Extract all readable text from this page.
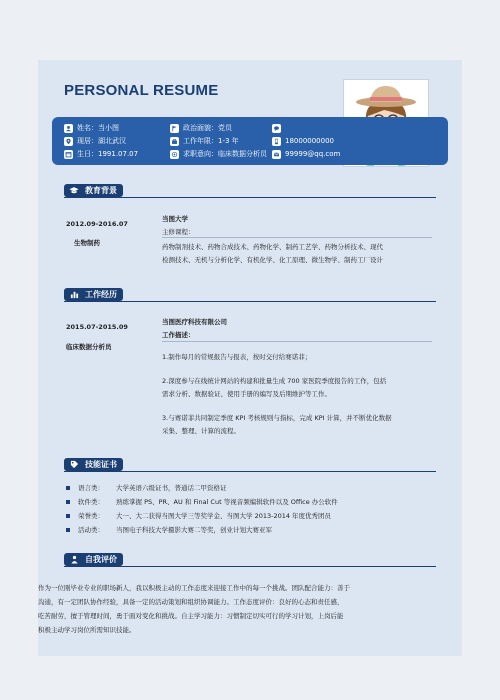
PERSONAL RESUME
姓名：当小图
现居：湖北武汉
生日：1991.07.07
政治面貌：党员
工作年限：1-3 年
求职意向：临床数据分析员
18000000000
99999@qq.com
教育背景
2012.09-2016.07
生物制药
当图大学
主修课程：
药物制剂技术、药物合成技术、药物化学、制药工艺学、药物分析技术、现代
检测技术、无机与分析化学、有机化学、化工原理、微生物学、制药工厂设计
工作经历
2015.07-2015.09
临床数据分析员
当图医疗科技有限公司
工作描述：
1.制作每月的常规报告与报表，按时交付给赛诺菲；
2.深度参与在线统计网站的构建和批量生成 700 家医院季度报告的工作，包括
需求分析、数据验证、使用手册的编写及后期维护等工作。
3.与赛诺菲共同制定季度 KPI 考核规则与指标，完成 KPI 计算，并不断优化数据
采集、整理、计算的流程。
技能证书
语言类： 大学英语六级证书，普通话二甲资格证
软件类： 熟练掌握 PS、PR、AU 和 Final Cut 等视音频编辑软件以及 Office 办公软件
荣誉类： 大一、大二获得当图大学三等奖学金、当图大学 2013-2014 年度优秀团员
活动类： 当图电子科技大学摄影大赛二等奖，创业计划大赛亚军
自我评价
作为一位刚毕业专业的职场新人，我以积极主动的工作态度来迎接工作中的每一个挑战。团队配合能力：善于
沟通，有一定团队协作经验，具备一定的活动策划和组织协调能力。工作态度评价：良好的心态和责任感，
吃苦耐劳，擅于管理时间，勇于面对变化和挑战。自主学习能力：习惯制定切实可行的学习计划，上岗后能
积极主动学习岗位所需知识技能。
